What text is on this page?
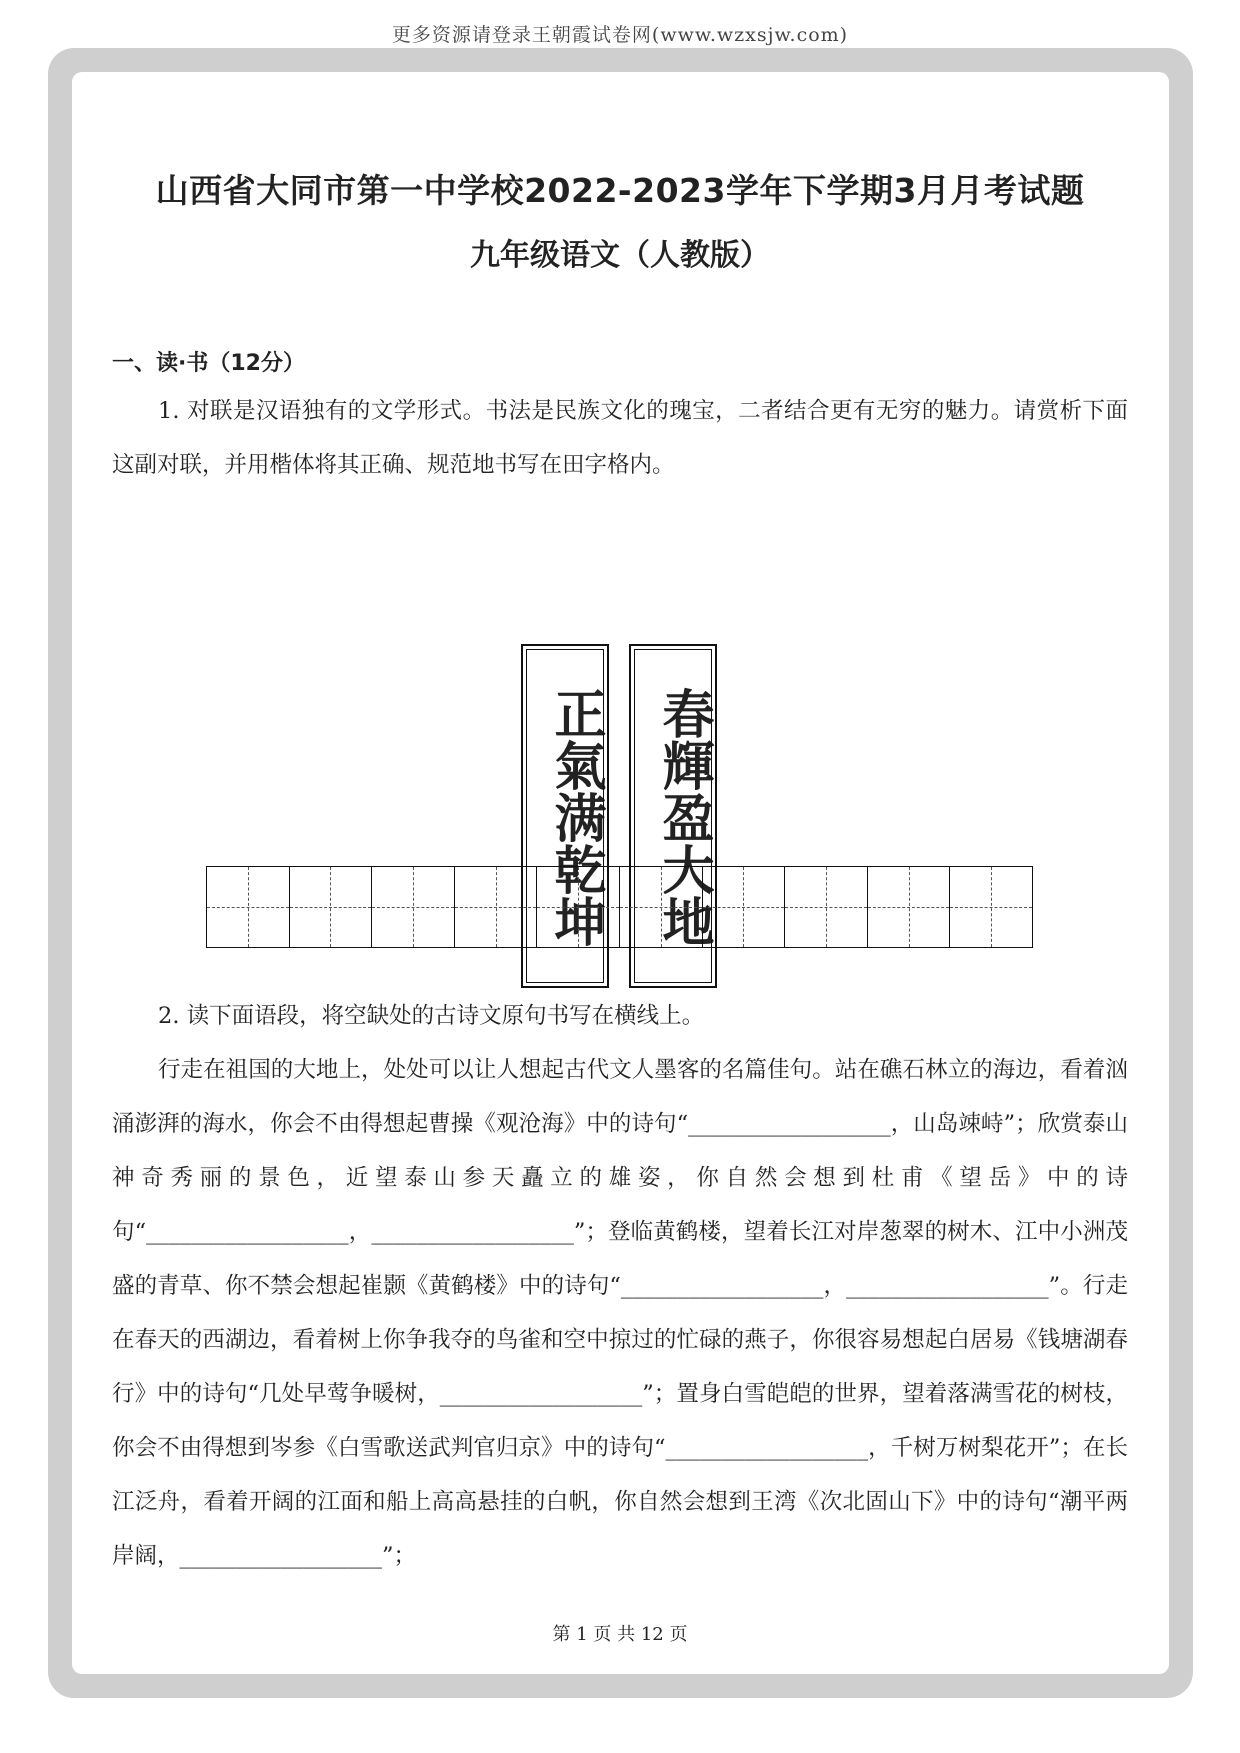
更多资源请登录王朝霞试卷网(www.wzxsjw.com)
山西省大同市第一中学校2022-2023学年下学期3月月考试题
九年级语文（人教版）
一、读·书（12分）
1. 对联是汉语独有的文学形式。书法是民族文化的瑰宝，二者结合更有无穷的魅力。请赏析下面这副对联，并用楷体将其正确、规范地书写在田字格内。
正氣满乾坤 春輝盈大地
2. 读下面语段，将空缺处的古诗文原句书写在横线上。
行走在祖国的大地上，处处可以让人想起古代文人墨客的名篇佳句。站在礁石林立的海边，看着汹涌澎湃的海水，你会不由得想起曹操《观沧海》中的诗句“__________________，山岛竦峙”；欣赏泰山神奇秀丽的景色，近望泰山参天矗立的雄姿，你自然会想到杜甫《望岳》中的诗句“__________________，__________________”；登临黄鹤楼，望着长江对岸葱翠的树木、江中小洲茂盛的青草、你不禁会想起崔颢《黄鹤楼》中的诗句“__________________，__________________”。行走在春天的西湖边，看着树上你争我夺的鸟雀和空中掠过的忙碌的燕子，你很容易想起白居易《钱塘湖春行》中的诗句“几处早莺争暖树，__________________”；置身白雪皑皑的世界，望着落满雪花的树枝，你会不由得想到岑参《白雪歌送武判官归京》中的诗句“__________________，千树万树梨花开”；在长江泛舟，看着开阔的江面和船上高高悬挂的白帆，你自然会想到王湾《次北固山下》中的诗句“潮平两岸阔，__________________”；
第 1 页 共 12 页
